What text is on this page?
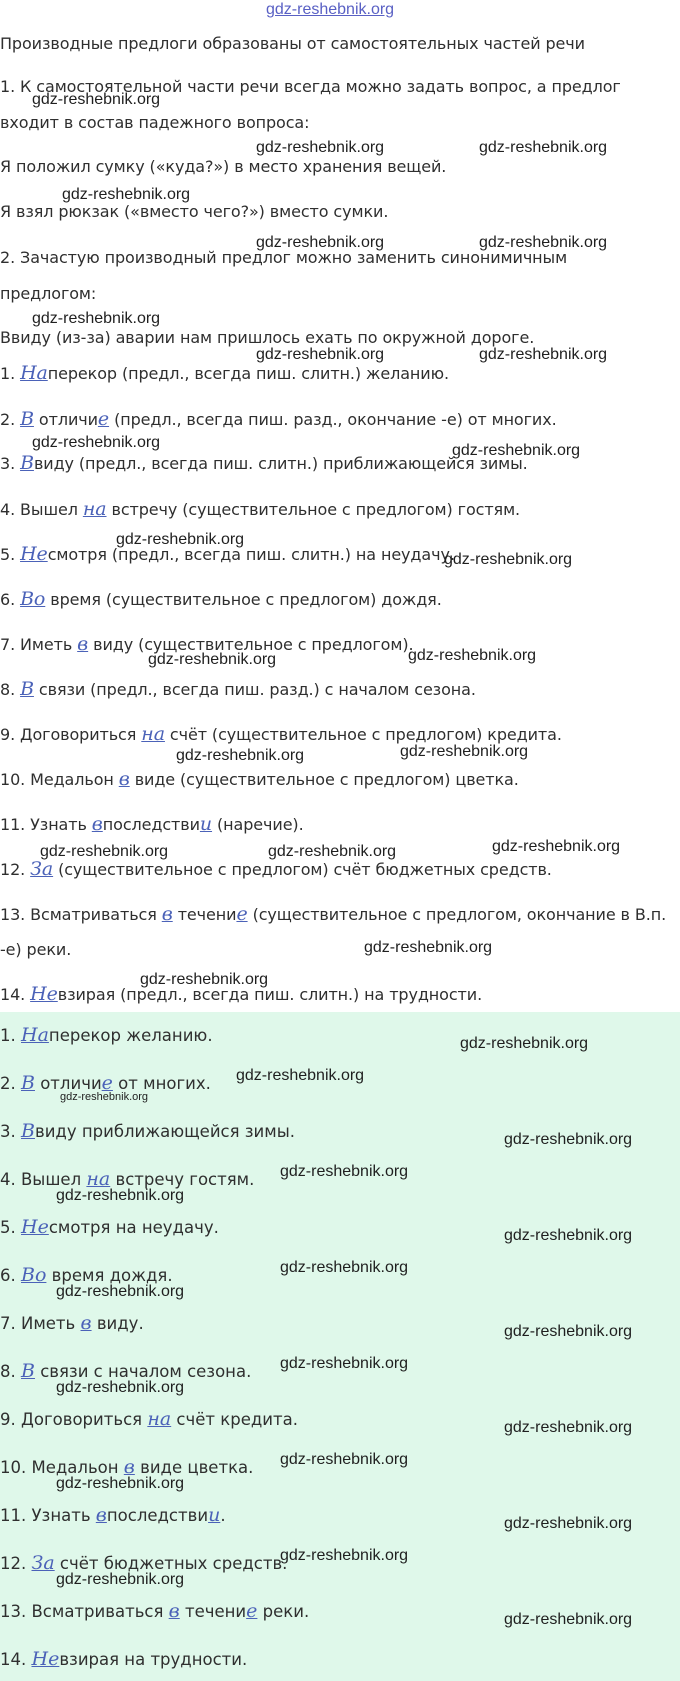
gdz-reshebnik.org
Производные предлоги образованы от самостоятельных частей речи
1. К самостоятельной части речи всегда можно задать вопрос, а предлог
входит в состав падежного вопроса:
Я положил сумку («куда?») в место хранения вещей.
Я взял рюкзак («вместо чего?») вместо сумки.
2. Зачастую производный предлог можно заменить синонимичным
предлогом:
Ввиду (из-за) аварии нам пришлось ехать по окружной дороге.
1. Наперекор (предл., всегда пиш. слитн.) желанию.
2. В отличие (предл., всегда пиш. разд., окончание -е) от многих.
3. Ввиду (предл., всегда пиш. слитн.) приближающейся зимы.
4. Вышел на встречу (существительное с предлогом) гостям.
5. Несмотря (предл., всегда пиш. слитн.) на неудачу.
6. Во время (существительное с предлогом) дождя.
7. Иметь в виду (существительное с предлогом).
8. В связи (предл., всегда пиш. разд.) с началом сезона.
9. Договориться на счёт (существительное с предлогом) кредита.
10. Медальон в виде (существительное с предлогом) цветка.
11. Узнать впоследствии (наречие).
12. За (существительное с предлогом) счёт бюджетных средств.
13. Всматриваться в течение (существительное с предлогом, окончание в В.п.
-е) реки.
14. Невзирая (предл., всегда пиш. слитн.) на трудности.
1. Наперекор желанию.
2. В отличие от многих.
3. Ввиду приближающейся зимы.
4. Вышел на встречу гостям.
5. Несмотря на неудачу.
6. Во время дождя.
7. Иметь в виду.
8. В связи с началом сезона.
9. Договориться на счёт кредита.
10. Медальон в виде цветка.
11. Узнать впоследствии.
12. За счёт бюджетных средств.
13. Всматриваться в течение реки.
14. Невзирая на трудности.
gdz-reshebnik.org
gdz-reshebnik.org	gdz-reshebnik.org
gdz-reshebnik.org
gdz-reshebnik.org	gdz-reshebnik.org
gdz-reshebnik.org
gdz-reshebnik.org	gdz-reshebnik.org
gdz-reshebnik.org	gdz-reshebnik.org
gdz-reshebnik.org
gdz-reshebnik.org
gdz-reshebnik.org	gdz-reshebnik.org
gdz-reshebnik.org	gdz-reshebnik.org
gdz-reshebnik.org
gdz-reshebnik.org	gdz-reshebnik.org
gdz-reshebnik.org
gdz-reshebnik.org
gdz-reshebnik.org
gdz-reshebnik.org
gdz-reshebnik.org
gdz-reshebnik.org
gdz-reshebnik.org
gdz-reshebnik.org
gdz-reshebnik.org
gdz-reshebnik.org
gdz-reshebnik.org
gdz-reshebnik.org
gdz-reshebnik.org
gdz-reshebnik.org
gdz-reshebnik.org
gdz-reshebnik.org
gdz-reshebnik.org
gdz-reshebnik.org
gdz-reshebnik.org
gdz-reshebnik.org
gdz-reshebnik.org
